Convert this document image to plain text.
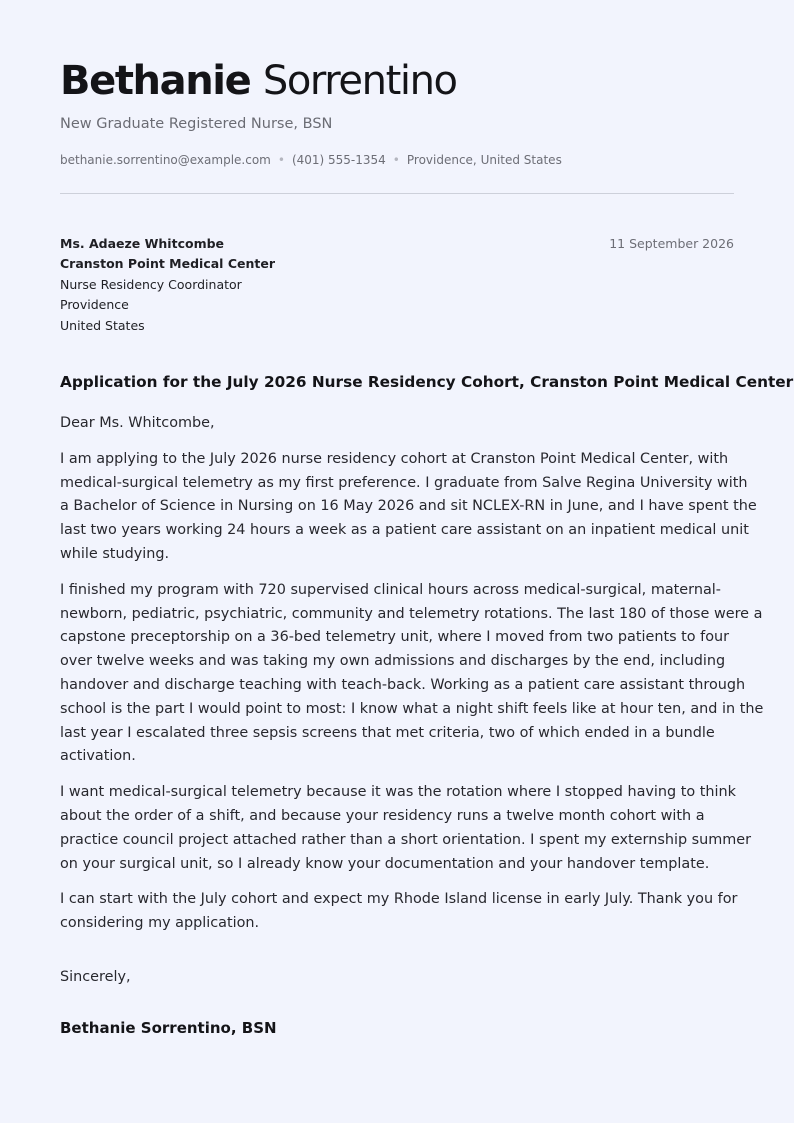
Bethanie Sorrentino
New Graduate Registered Nurse, BSN
bethanie.sorrentino@example.com • (401) 555-1354 • Providence, United States
Ms. Adaeze Whitcombe
Cranston Point Medical Center
Nurse Residency Coordinator
Providence
United States
11 September 2026
Application for the July 2026 Nurse Residency Cohort, Cranston Point Medical Center

Dear Ms. Whitcombe,

I am applying to the July 2026 nurse residency cohort at Cranston Point Medical Center, with
medical-surgical telemetry as my first preference. I graduate from Salve Regina University with
a Bachelor of Science in Nursing on 16 May 2026 and sit NCLEX-RN in June, and I have spent the
last two years working 24 hours a week as a patient care assistant on an inpatient medical unit
while studying.

I finished my program with 720 supervised clinical hours across medical-surgical, maternal-
newborn, pediatric, psychiatric, community and telemetry rotations. The last 180 of those were a
capstone preceptorship on a 36-bed telemetry unit, where I moved from two patients to four
over twelve weeks and was taking my own admissions and discharges by the end, including
handover and discharge teaching with teach-back. Working as a patient care assistant through
school is the part I would point to most: I know what a night shift feels like at hour ten, and in the
last year I escalated three sepsis screens that met criteria, two of which ended in a bundle
activation.

I want medical-surgical telemetry because it was the rotation where I stopped having to think
about the order of a shift, and because your residency runs a twelve month cohort with a
practice council project attached rather than a short orientation. I spent my externship summer
on your surgical unit, so I already know your documentation and your handover template.

I can start with the July cohort and expect my Rhode Island license in early July. Thank you for
considering my application.

Sincerely,
Bethanie Sorrentino, BSN
